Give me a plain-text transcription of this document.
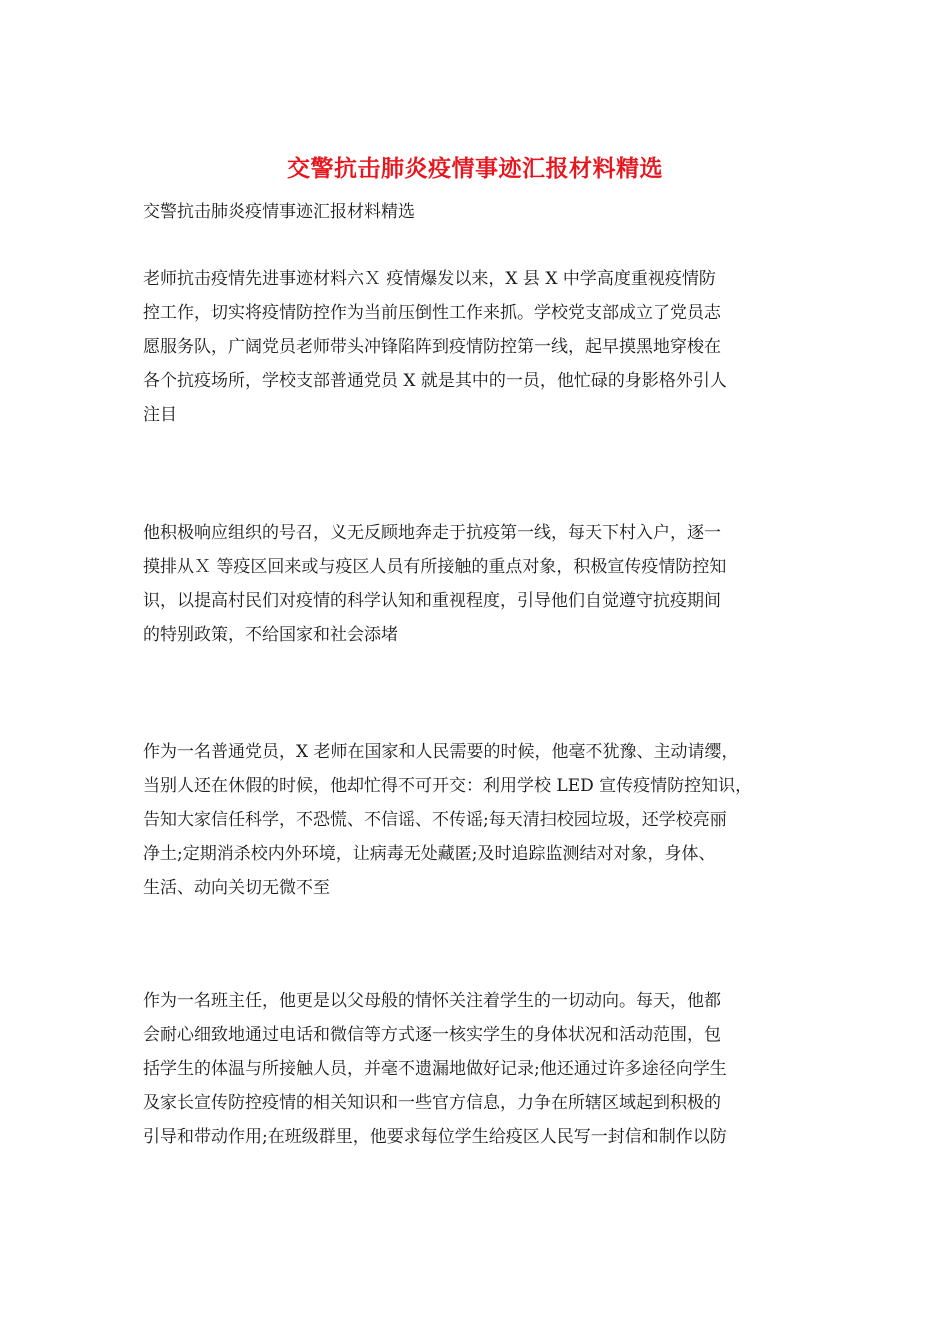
交警抗击肺炎疫情事迹汇报材料精选
交警抗击肺炎疫情事迹汇报材料精选

老师抗击疫情先进事迹材料六Ｘ 疫情爆发以来，X 县 X 中学高度重视疫情防
控工作，切实将疫情防控作为当前压倒性工作来抓。学校党支部成立了党员志
愿服务队，广阔党员老师带头冲锋陷阵到疫情防控第一线，起早摸黑地穿梭在
各个抗疫场所，学校支部普通党员 X 就是其中的一员，他忙碌的身影格外引人
注目

他积极响应组织的号召，义无反顾地奔走于抗疫第一线，每天下村入户，逐一
摸排从Ｘ 等疫区回来或与疫区人员有所接触的重点对象，积极宣传疫情防控知
识，以提高村民们对疫情的科学认知和重视程度，引导他们自觉遵守抗疫期间
的特别政策，不给国家和社会添堵

作为一名普通党员，X 老师在国家和人民需要的时候，他毫不犹豫、主动请缨，
当别人还在休假的时候，他却忙得不可开交：利用学校 LED 宣传疫情防控知识，
告知大家信任科学，不恐慌、不信谣、不传谣;每天清扫校园垃圾，还学校亮丽
净土;定期消杀校内外环境，让病毒无处藏匿;及时追踪监测结对对象，身体、
生活、动向关切无微不至

作为一名班主任，他更是以父母般的情怀关注着学生的一切动向。每天，他都
会耐心细致地通过电话和微信等方式逐一核实学生的身体状况和活动范围，包
括学生的体温与所接触人员，并毫不遗漏地做好记录;他还通过许多途径向学生
及家长宣传防控疫情的相关知识和一些官方信息，力争在所辖区域起到积极的
引导和带动作用;在班级群里，他要求每位学生给疫区人民写一封信和制作以防
